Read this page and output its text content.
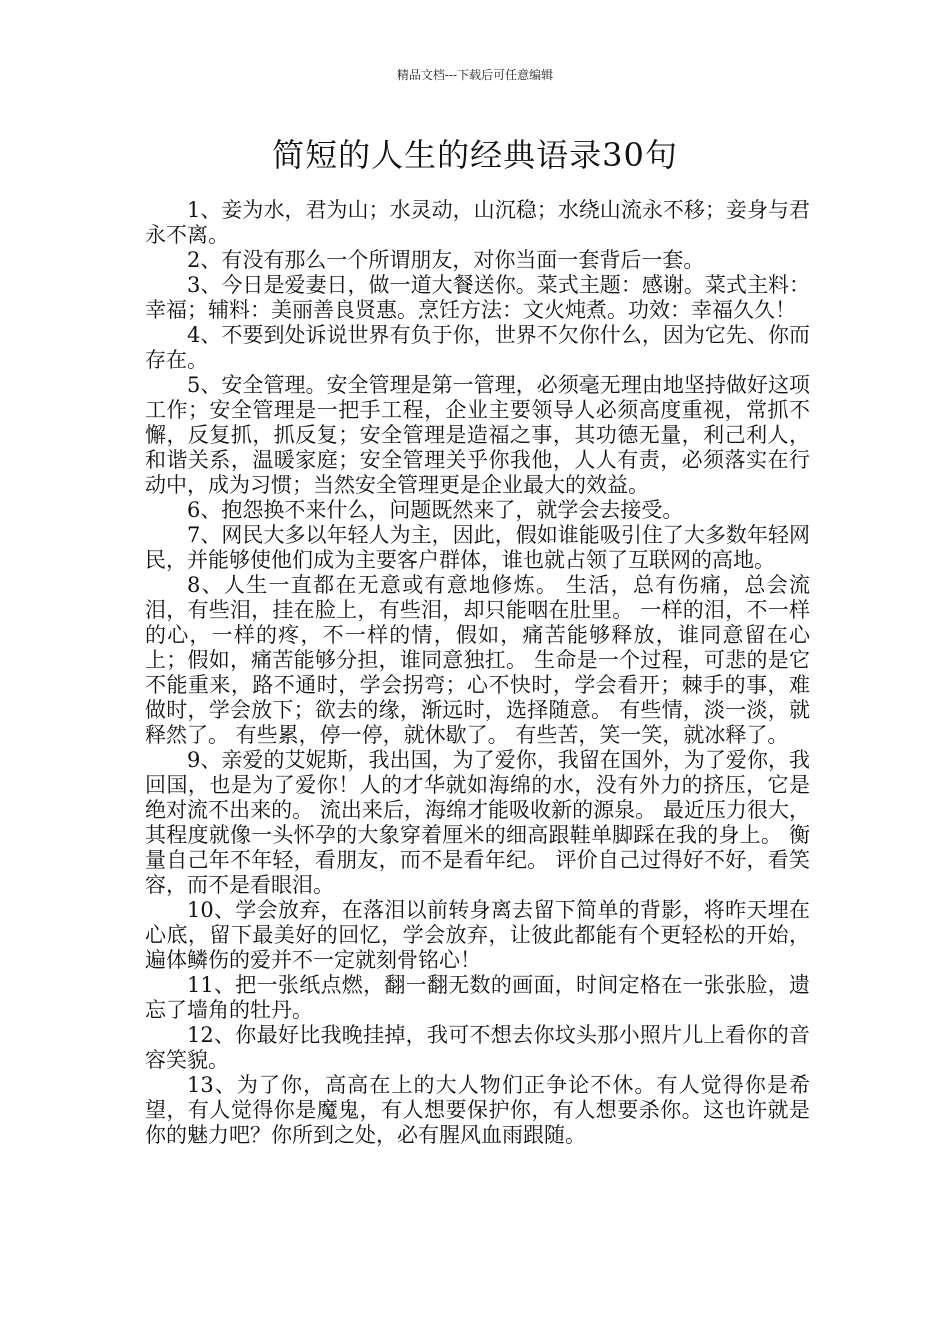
精品文档---下载后可任意编辑
简短的人生的经典语录30句

1、妾为水，君为山；水灵动，山沉稳；水绕山流永不移；妾身与君永不离。

2、有没有那么一个所谓朋友，对你当面一套背后一套。

3、今日是爱妻日，做一道大餐送你。菜式主题：感谢。菜式主料：幸福；辅料：美丽善良贤惠。烹饪方法：文火炖煮。功效：幸福久久！

4、不要到处诉说世界有负于你，世界不欠你什么，因为它先、你而存在。

5、安全管理。安全管理是第一管理，必须毫无理由地坚持做好这项工作；安全管理是一把手工程，企业主要领导人必须高度重视，常抓不懈，反复抓，抓反复；安全管理是造福之事，其功德无量，利己利人，和谐关系，温暖家庭；安全管理关乎你我他，人人有责，必须落实在行动中，成为习惯；当然安全管理更是企业最大的效益。

6、抱怨换不来什么，问题既然来了，就学会去接受。

7、网民大多以年轻人为主，因此，假如谁能吸引住了大多数年轻网民，并能够使他们成为主要客户群体，谁也就占领了互联网的高地。

8、人生一直都在无意或有意地修炼。 生活，总有伤痛，总会流泪，有些泪，挂在脸上，有些泪，却只能咽在肚里。 一样的泪，不一样的心，一样的疼，不一样的情，假如，痛苦能够释放，谁同意留在心上；假如，痛苦能够分担，谁同意独扛。 生命是一个过程，可悲的是它不能重来，路不通时，学会拐弯；心不快时，学会看开；棘手的事，难做时，学会放下；欲去的缘，渐远时，选择随意。 有些情，淡一淡，就释然了。 有些累，停一停，就休歇了。 有些苦，笑一笑，就冰释了。

9、亲爱的艾妮斯，我出国，为了爱你，我留在国外，为了爱你，我回国，也是为了爱你！人的才华就如海绵的水，没有外力的挤压，它是绝对流不出来的。 流出来后，海绵才能吸收新的源泉。 最近压力很大，其程度就像一头怀孕的大象穿着厘米的细高跟鞋单脚踩在我的身上。 衡量自己年不年轻，看朋友，而不是看年纪。 评价自己过得好不好，看笑容，而不是看眼泪。

10、学会放弃，在落泪以前转身离去留下简单的背影，将昨天埋在心底，留下最美好的回忆，学会放弃，让彼此都能有个更轻松的开始，遍体鳞伤的爱并不一定就刻骨铭心！

11、把一张纸点燃，翻一翻无数的画面，时间定格在一张张脸，遗忘了墙角的牡丹。

12、你最好比我晚挂掉，我可不想去你坟头那小照片儿上看你的音容笑貌。

13、为了你，高高在上的大人物们正争论不休。有人觉得你是希望，有人觉得你是魔鬼，有人想要保护你，有人想要杀你。这也许就是你的魅力吧？你所到之处，必有腥风血雨跟随。
